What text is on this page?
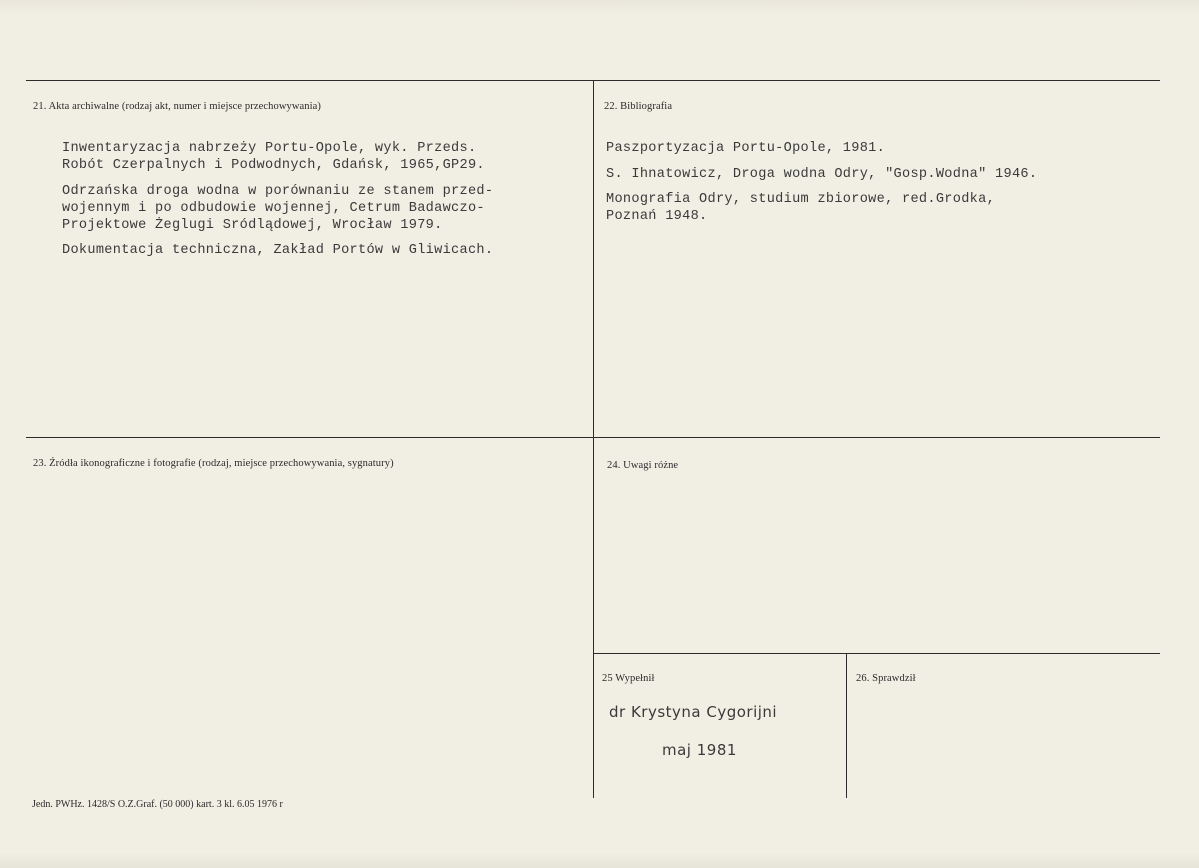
21. Akta archiwalne (rodzaj akt, numer i miejsce przechowywania)
Inwentaryzacja nabrzeży Portu-Opole, wyk. Przeds.
Robót Czerpalnych i Podwodnych, Gdańsk, 1965,GP29.
Odrzańska droga wodna w porównaniu ze stanem przed-
wojennym i po odbudowie wojennej, Cetrum Badawczo-
Projektowe Żeglugi Sródlądowej, Wrocław 1979.
Dokumentacja techniczna, Zakład Portów w Gliwicach.
22. Bibliografia
Paszportyzacja Portu-Opole, 1981.
S. Ihnatowicz, Droga wodna Odry, "Gosp.Wodna" 1946.
Monografia Odry, studium zbiorowe, red.Grodka,
Poznań 1948.
23. Źródła ikonograficzne i fotografie (rodzaj, miejsce przechowywania, sygnatury)	24. Uwagi różne
25 Wypełnił
dr Krystyna Cygorijni
maj 1981
26. Sprawdził
Jedn. PWHz. 1428/S O.Z.Graf. (50 000) kart. 3 kl. 6.05 1976 r
